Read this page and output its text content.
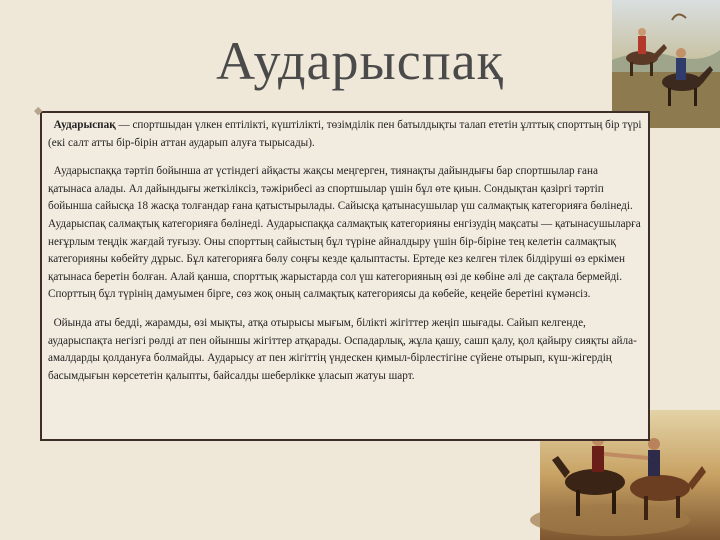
Аударыспақ
◆

Аударыспақ — спортшыдан үлкен ептілікті, күштілікті, төзімділік пен батылдықты талап ететін ұлттық спорттың бір түрі (екі салт атты бір-бірін аттан аударып алуға тырысады).

Аударыспаққа тәртіп бойынша ат үстіндегі айқасты жақсы меңгерген, тиянақты дайындығы бар спортшылар ғана қатынаса алады. Ал дайындығы жеткіліксіз, тәжірибесі аз спортшылар үшін бұл өте қиын. Сондықтан қазіргі тәртіп бойынша сайысқа 18 жасқа толғандар ғана қатыстырылады. Сайысқа қатынасушылар үш салмақтық категорияға бөлінеді. Аударыспақ салмақтық категорияға бөлінеді. Аударыспаққа салмақтық категорияны енгізудің мақсаты — қатынасушыларға неғұрлым теңдік жағдай туғызу. Оны спорттың сайыстың бұл түріне айналдыру үшін бір-біріне тең келетін салмақтық категорияны көбейту дұрыс. Бұл категорияға бөлу соңғы кезде қалыптасты. Ертеде кез келген тілек білдірушi өз еркімен қатынаса беретін болған. Алай қанша, спорттық жарыстарда сол үш категорияның өзі де көбіне әлі де сақтала бермейді. Спорттың бұл түрінің дамуымен бірге, сөз жоқ оның салмақтық категориясы да көбейе, кеңейе беретіні күмәнсіз.

Ойында аты бедді, жарамды, өзі мықты, атқа отырысы мығым, білікті жігіттер жеңіп шығады. Сайып келгенде, аударыспақта негізгі рөлді ат пен ойыншы жігіттер атқарады. Оспадарлық, жұла қашу, сашп қалу, қол қайыру сияқты айла-амалдарды қолдануға болмайды. Аударысу ат пен жігіттің үндескен қимыл-бірлестігіне сүйене отырып, күш-жігердің басымдығын көрсететін қалыпты, байсалды шеберлікке ұласып жатуы шарт.
